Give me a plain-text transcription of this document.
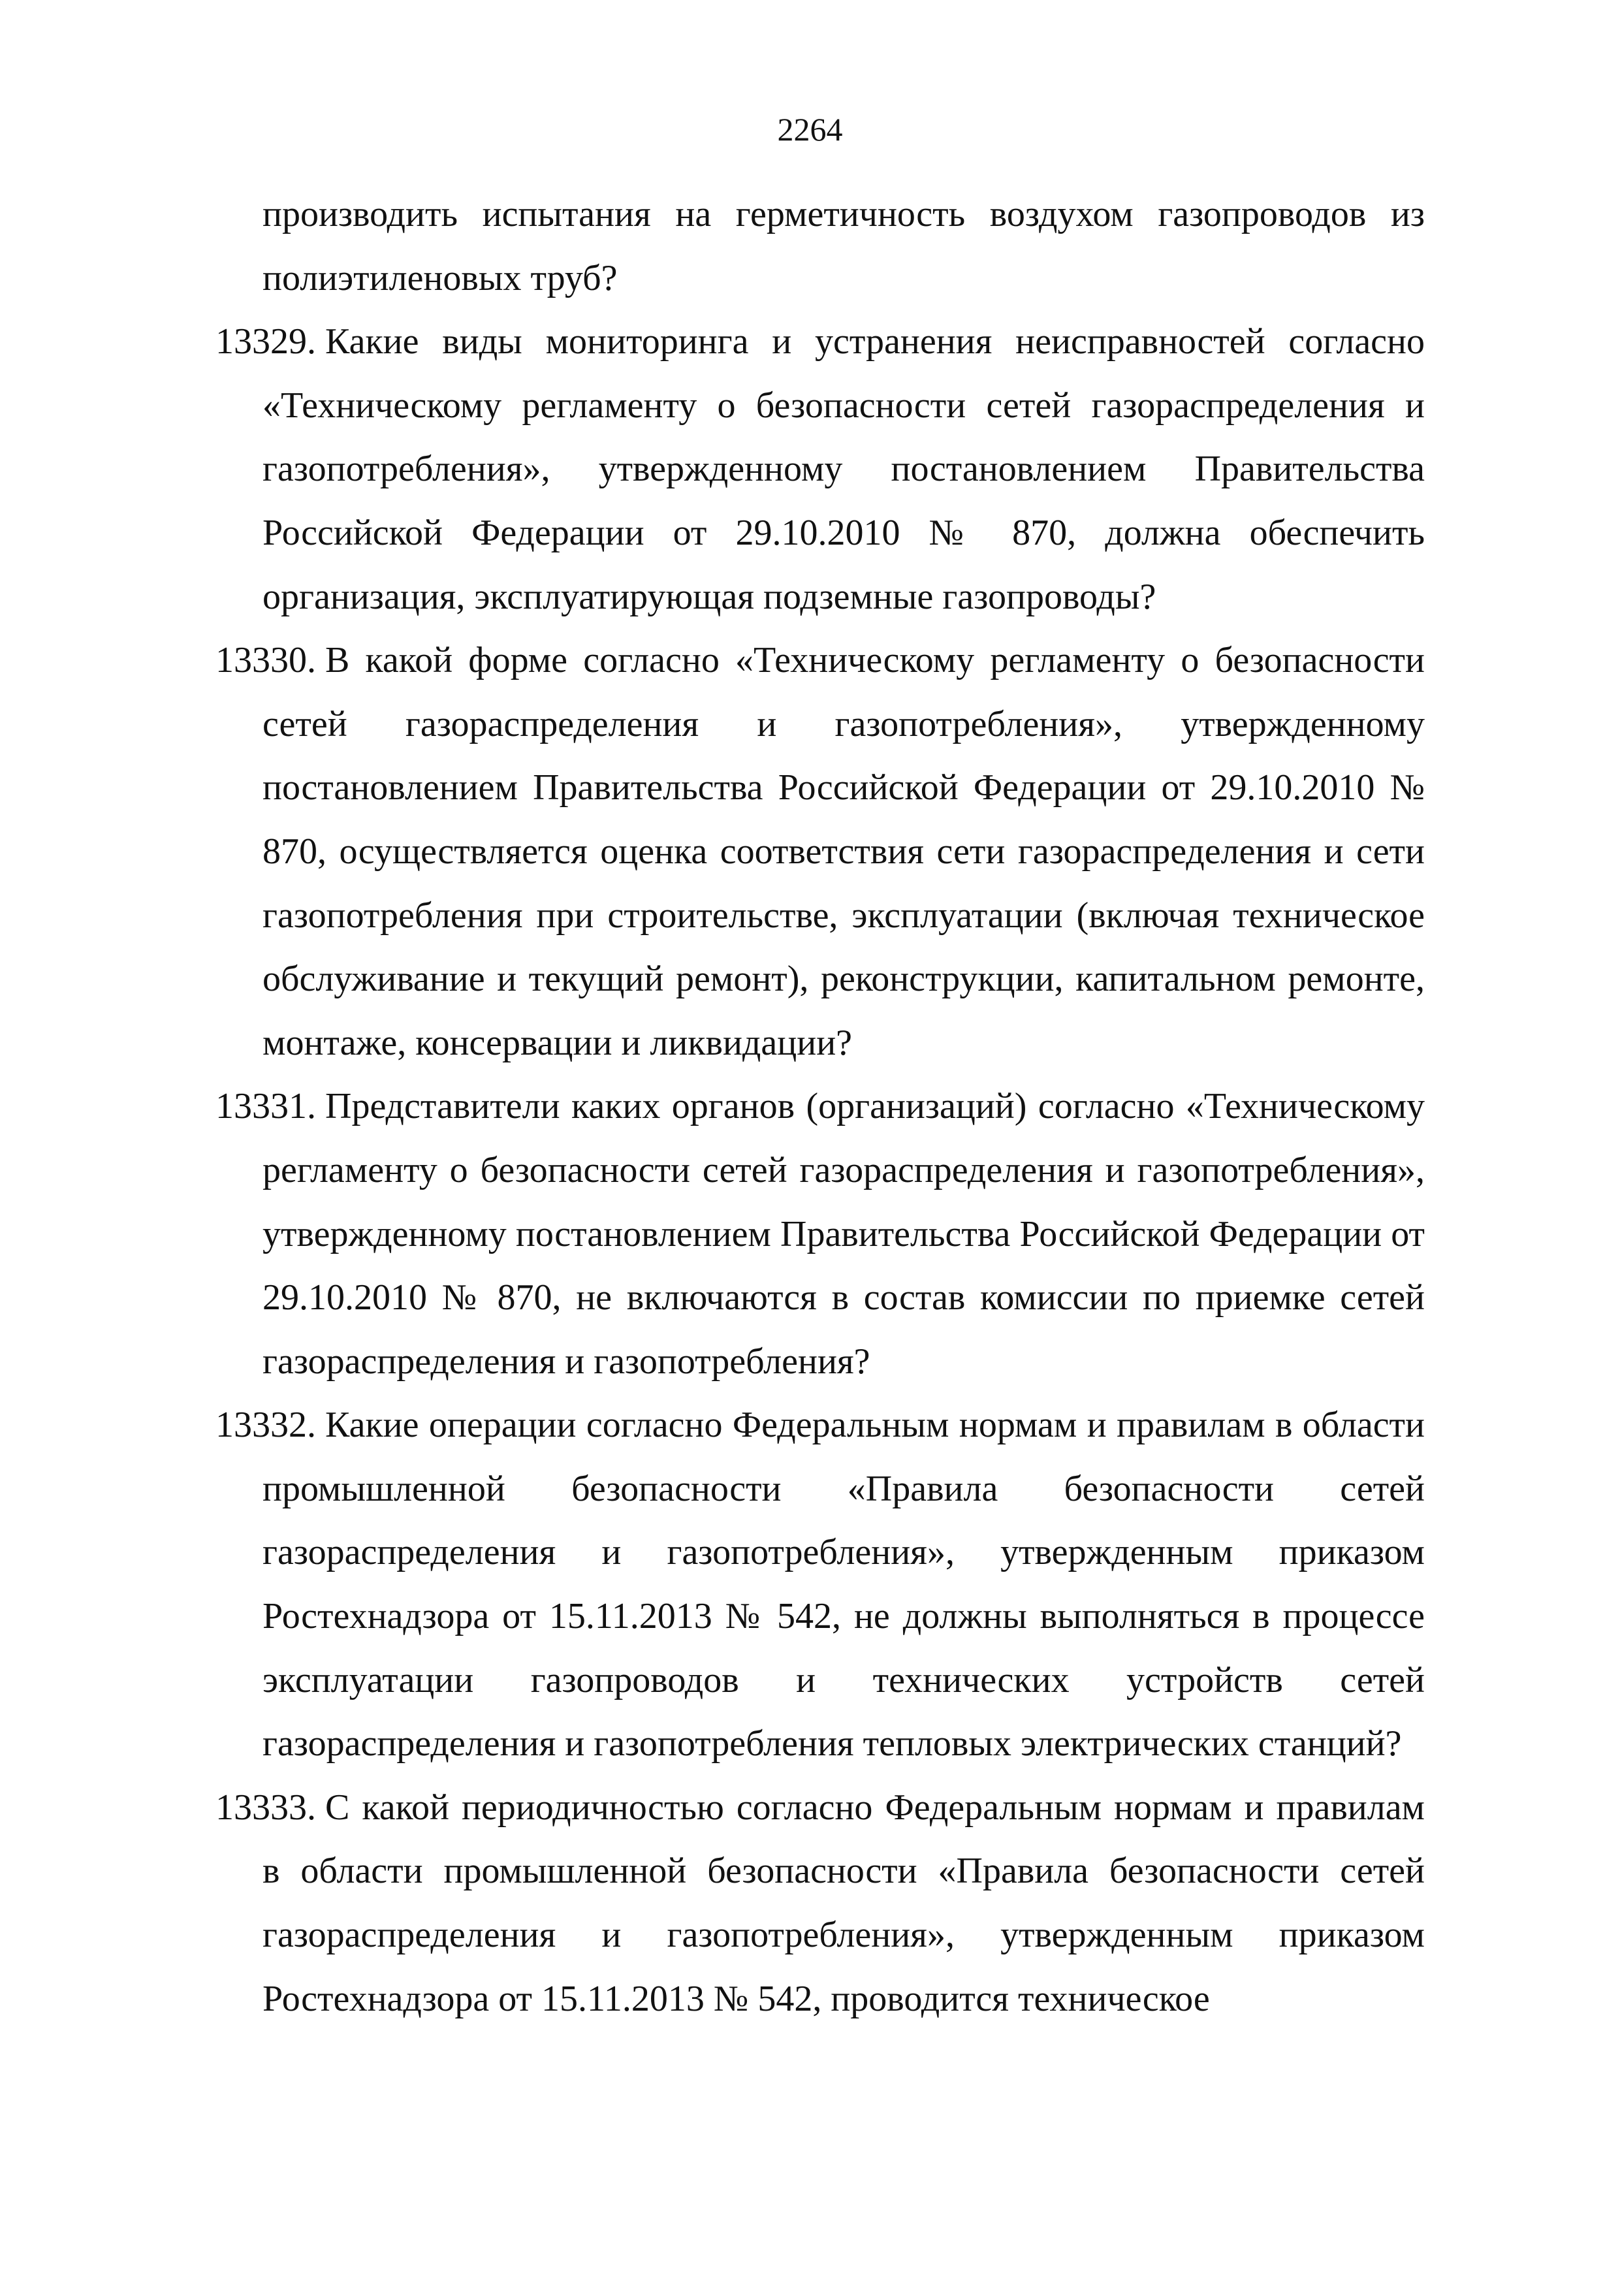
2264

производить испытания на герметичность воздухом газопроводов из полиэтиленовых труб?

13329. Какие виды мониторинга и устранения неисправностей согласно «Техническому регламенту о безопасности сетей газораспределения и газопотребления», утвержденному постановлением Правительства Российской Федерации от 29.10.2010 № 870, должна обеспечить организация, эксплуатирующая подземные газопроводы?

13330. В какой форме согласно «Техническому регламенту о безопасности сетей газораспределения и газопотребления», утвержденному постановлением Правительства Российской Федерации от 29.10.2010 № 870, осуществляется оценка соответствия сети газораспределения и сети газопотребления при строительстве, эксплуатации (включая техническое обслуживание и текущий ремонт), реконструкции, капитальном ремонте, монтаже, консервации и ликвидации?

13331. Представители каких органов (организаций) согласно «Техническому регламенту о безопасности сетей газораспределения и газопотребления», утвержденному постановлением Правительства Российской Федерации от 29.10.2010 № 870, не включаются в состав комиссии по приемке сетей газораспределения и газопотребления?

13332. Какие операции согласно Федеральным нормам и правилам в области промышленной безопасности «Правила безопасности сетей газораспределения и газопотребления», утвержденным приказом Ростехнадзора от 15.11.2013 № 542, не должны выполняться в процессе эксплуатации газопроводов и технических устройств сетей газораспределения и газопотребления тепловых электрических станций?

13333. С какой периодичностью согласно Федеральным нормам и правилам в области промышленной безопасности «Правила безопасности сетей газораспределения и газопотребления», утвержденным приказом Ростехнадзора от 15.11.2013 № 542, проводится техническое
